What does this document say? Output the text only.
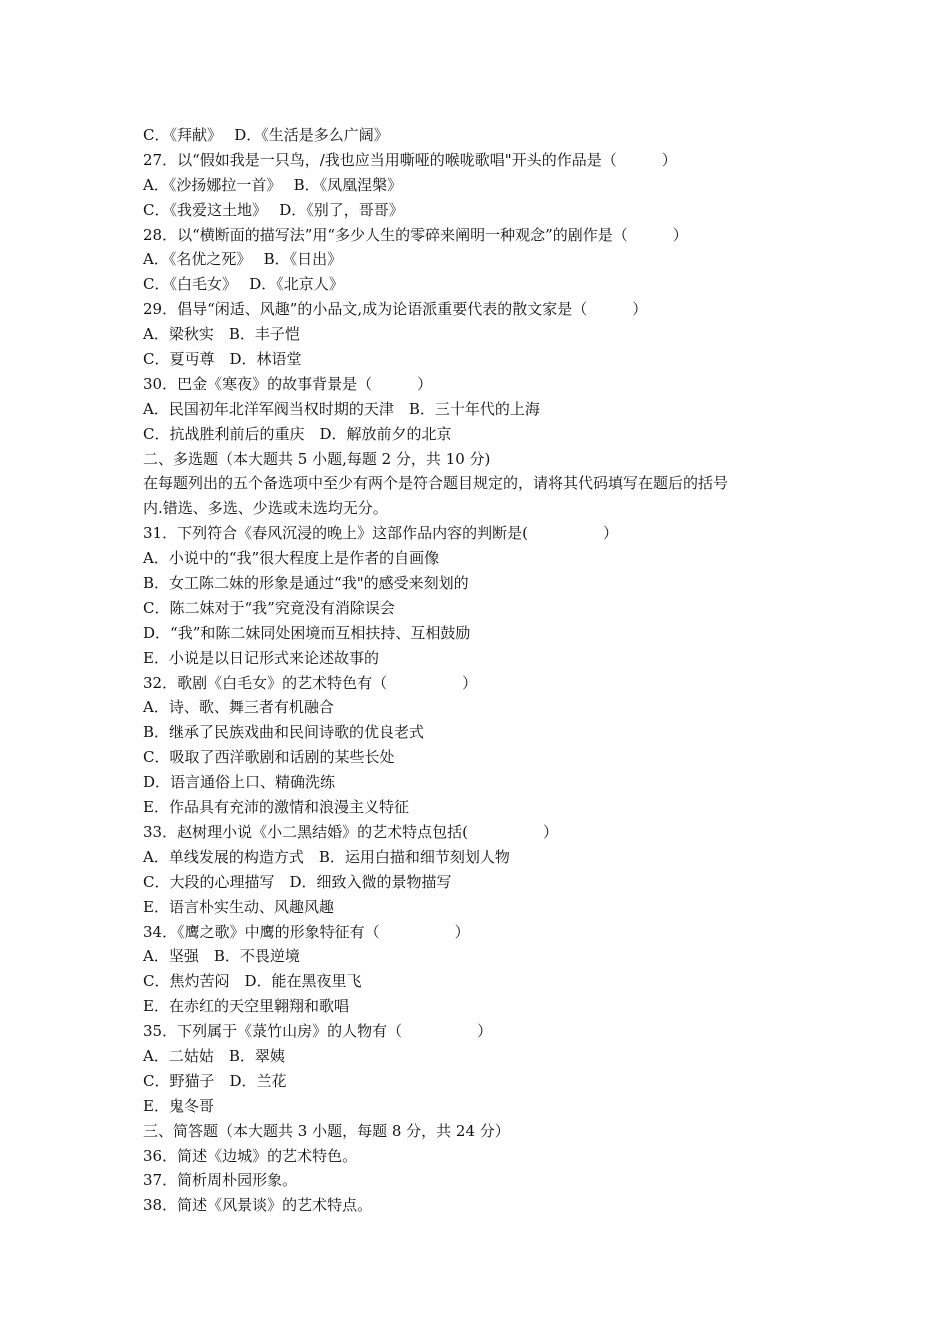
C．《拜献》　 D．《生活是多么广阔》
27．以“假如我是一只鸟，/我也应当用嘶哑的喉咙歌唱"开头的作品是（　　　）
A．《沙扬娜拉一首》　 B．《凤凰涅槃》
C．《我爱这土地》　 D．《别了，哥哥》
28．以“横断面的描写法”用“多少人生的零碎来阐明一种观念”的剧作是（　　　）
A．《名优之死》　 B．《日出》
C．《白毛女》　 D．《北京人》
29．倡导“闲适、风趣”的小品文,成为论语派重要代表的散文家是（　　　）
A．梁秋实　B．丰子恺
C．夏丏尊　D．林语堂
30．巴金《寒夜》的故事背景是（　　　）
A．民国初年北洋军阀当权时期的天津　B．三十年代的上海
C．抗战胜利前后的重庆　D．解放前夕的北京
二、多选题（本大题共 5 小题,每题 2 分，共 10 分)
在每题列出的五个备选项中至少有两个是符合题目规定的，请将其代码填写在题后的括号
内.错选、多选、少选或未选均无分。
31．下列符合《春风沉浸的晚上》这部作品内容的判断是(　　　　　）
A．小说中的“我”很大程度上是作者的自画像
B．女工陈二妹的形象是通过“我"的感受来刻划的
C．陈二妹对于“我”究竟没有消除误会
D．“我”和陈二妹同处困境而互相扶持、互相鼓励
E．小说是以日记形式来论述故事的
32．歌剧《白毛女》的艺术特色有（　　　　　）
A．诗、歌、舞三者有机融合
B．继承了民族戏曲和民间诗歌的优良老式
C．吸取了西洋歌剧和话剧的某些长处
D．语言通俗上口、精确洗练
E．作品具有充沛的激情和浪漫主义特征
33．赵树理小说《小二黑结婚》的艺术特点包括(　　　　　）
A．单线发展的构造方式　B．运用白描和细节刻划人物
C．大段的心理描写　D．细致入微的景物描写
E．语言朴实生动、风趣风趣
34．《鹰之歌》中鹰的形象特征有（　　　　　）
A．坚强　B．不畏逆境
C．焦灼苦闷　D．能在黑夜里飞
E．在赤红的天空里翱翔和歌唱
35．下列属于《菉竹山房》的人物有（　　　　　）
A．二姑姑　B．翠姨
C．野猫子　D．兰花
E．鬼冬哥
三、简答题（本大题共 3 小题，每题 8 分，共 24 分）
36．简述《边城》的艺术特色。
37．简析周朴园形象。
38．简述《风景谈》的艺术特点。
